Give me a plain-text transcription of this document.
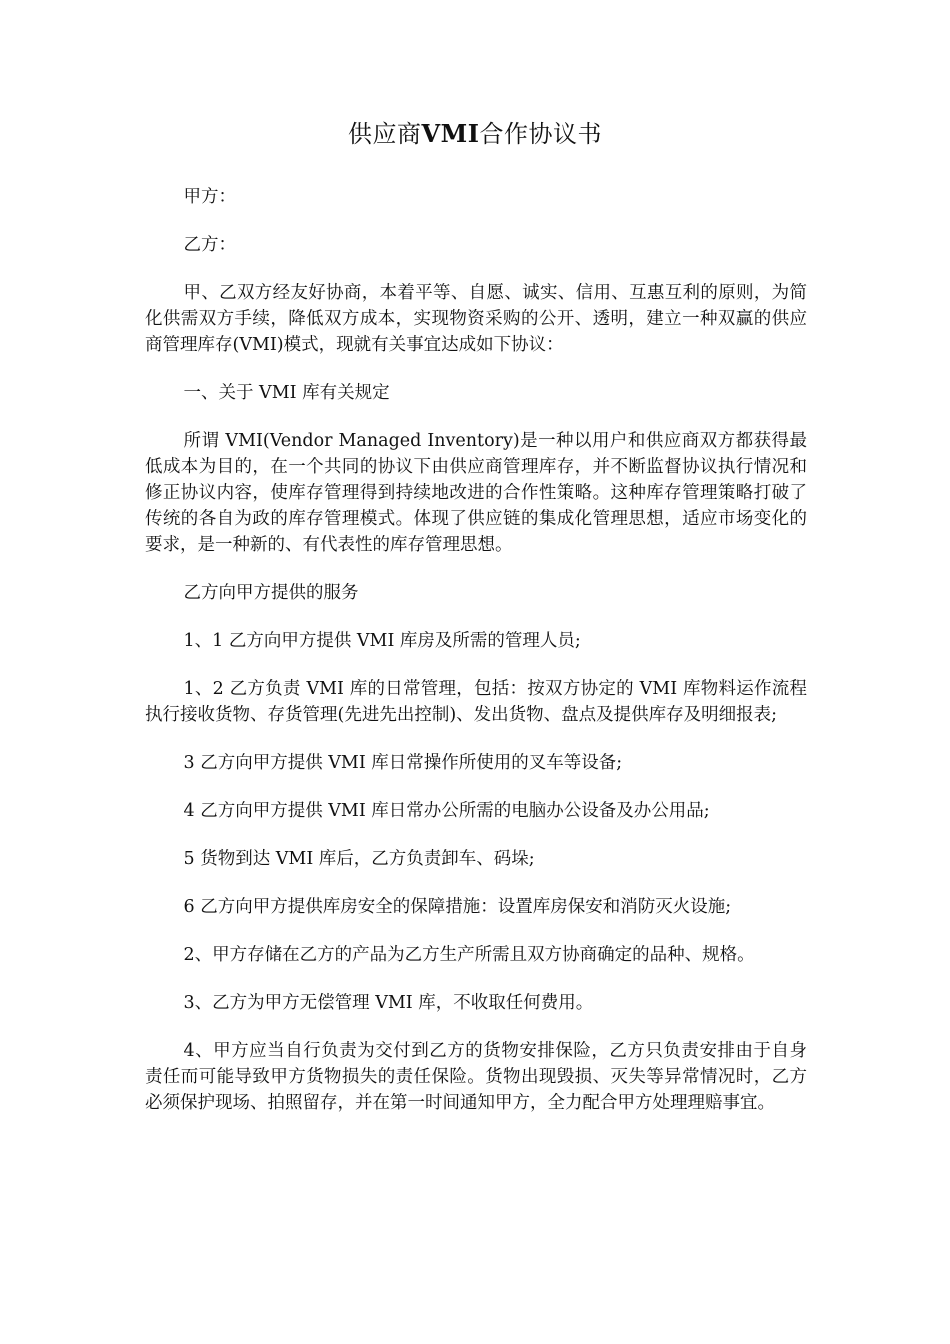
供应商VMI合作协议书

甲方：

乙方：

甲、乙双方经友好协商，本着平等、自愿、诚实、信用、互惠互利的原则，为简化供需双方手续，降低双方成本，实现物资采购的公开、透明，建立一种双赢的供应商管理库存(VMI)模式，现就有关事宜达成如下协议：

一、关于 VMI 库有关规定

所谓 VMI(Vendor Managed Inventory)是一种以用户和供应商双方都获得最低成本为目的，在一个共同的协议下由供应商管理库存，并不断监督协议执行情况和修正协议内容，使库存管理得到持续地改进的合作性策略。这种库存管理策略打破了传统的各自为政的库存管理模式。体现了供应链的集成化管理思想，适应市场变化的要求，是一种新的、有代表性的库存管理思想。

乙方向甲方提供的服务

1、1 乙方向甲方提供 VMI 库房及所需的管理人员;

1、2 乙方负责 VMI 库的日常管理，包括：按双方协定的 VMI 库物料运作流程执行接收货物、存货管理(先进先出控制)、发出货物、盘点及提供库存及明细报表;

3 乙方向甲方提供 VMI 库日常操作所使用的叉车等设备;

4 乙方向甲方提供 VMI 库日常办公所需的电脑办公设备及办公用品;

5 货物到达 VMI 库后，乙方负责卸车、码垛;

6 乙方向甲方提供库房安全的保障措施：设置库房保安和消防灭火设施;

2、甲方存储在乙方的产品为乙方生产所需且双方协商确定的品种、规格。

3、乙方为甲方无偿管理 VMI 库，不收取任何费用。

4、甲方应当自行负责为交付到乙方的货物安排保险，乙方只负责安排由于自身责任而可能导致甲方货物损失的责任保险。货物出现毁损、灭失等异常情况时，乙方必须保护现场、拍照留存，并在第一时间通知甲方，全力配合甲方处理理赔事宜。
